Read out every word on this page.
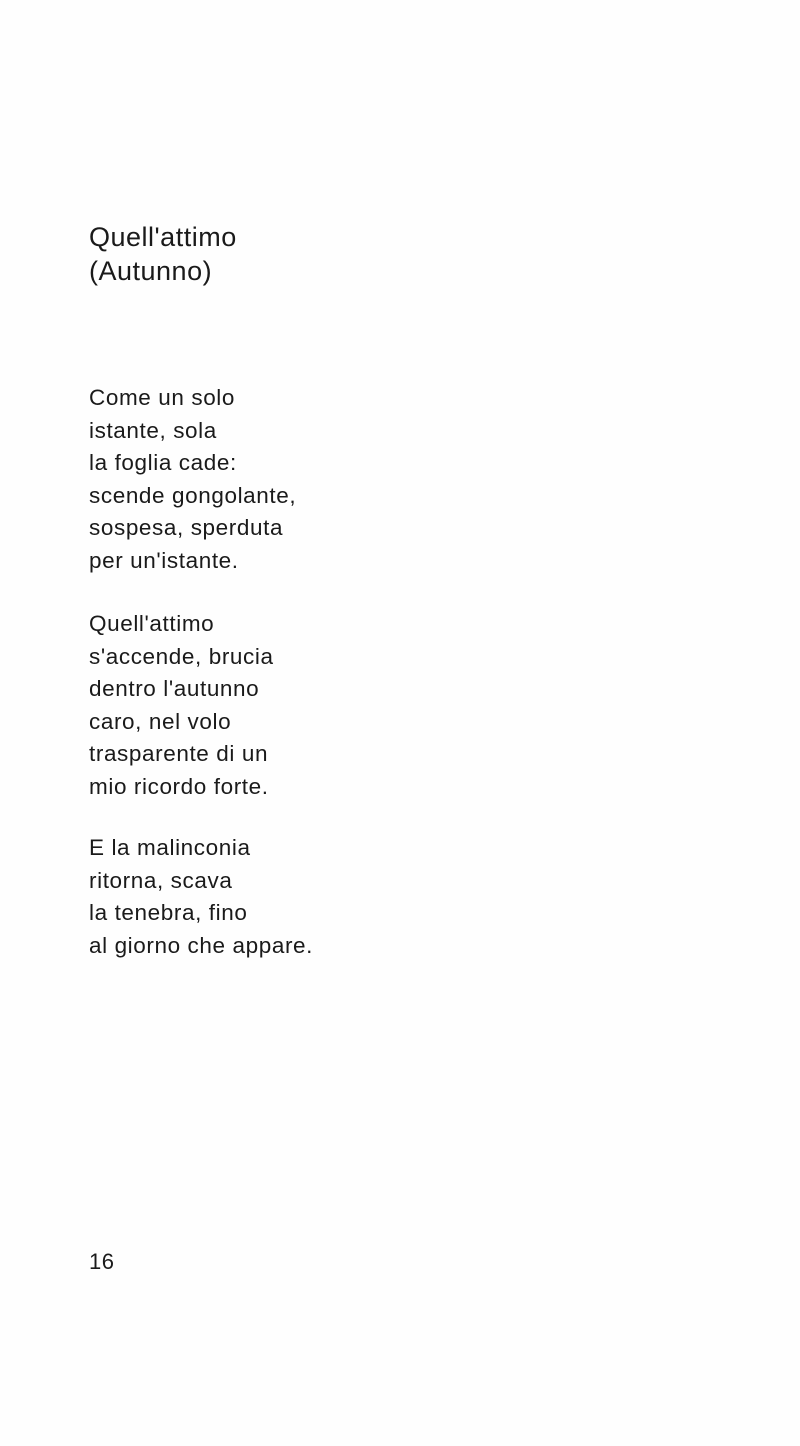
Quell'attimo
(Autunno)
Come un solo
istante, sola
la foglia cade:
scende gongolante,
sospesa, sperduta
per un'istante.
Quell'attimo
s'accende, brucia
dentro l'autunno
caro, nel volo
trasparente di un
mio ricordo forte.
E la malinconia
ritorna, scava
la tenebra, fino
al giorno che appare.
16
